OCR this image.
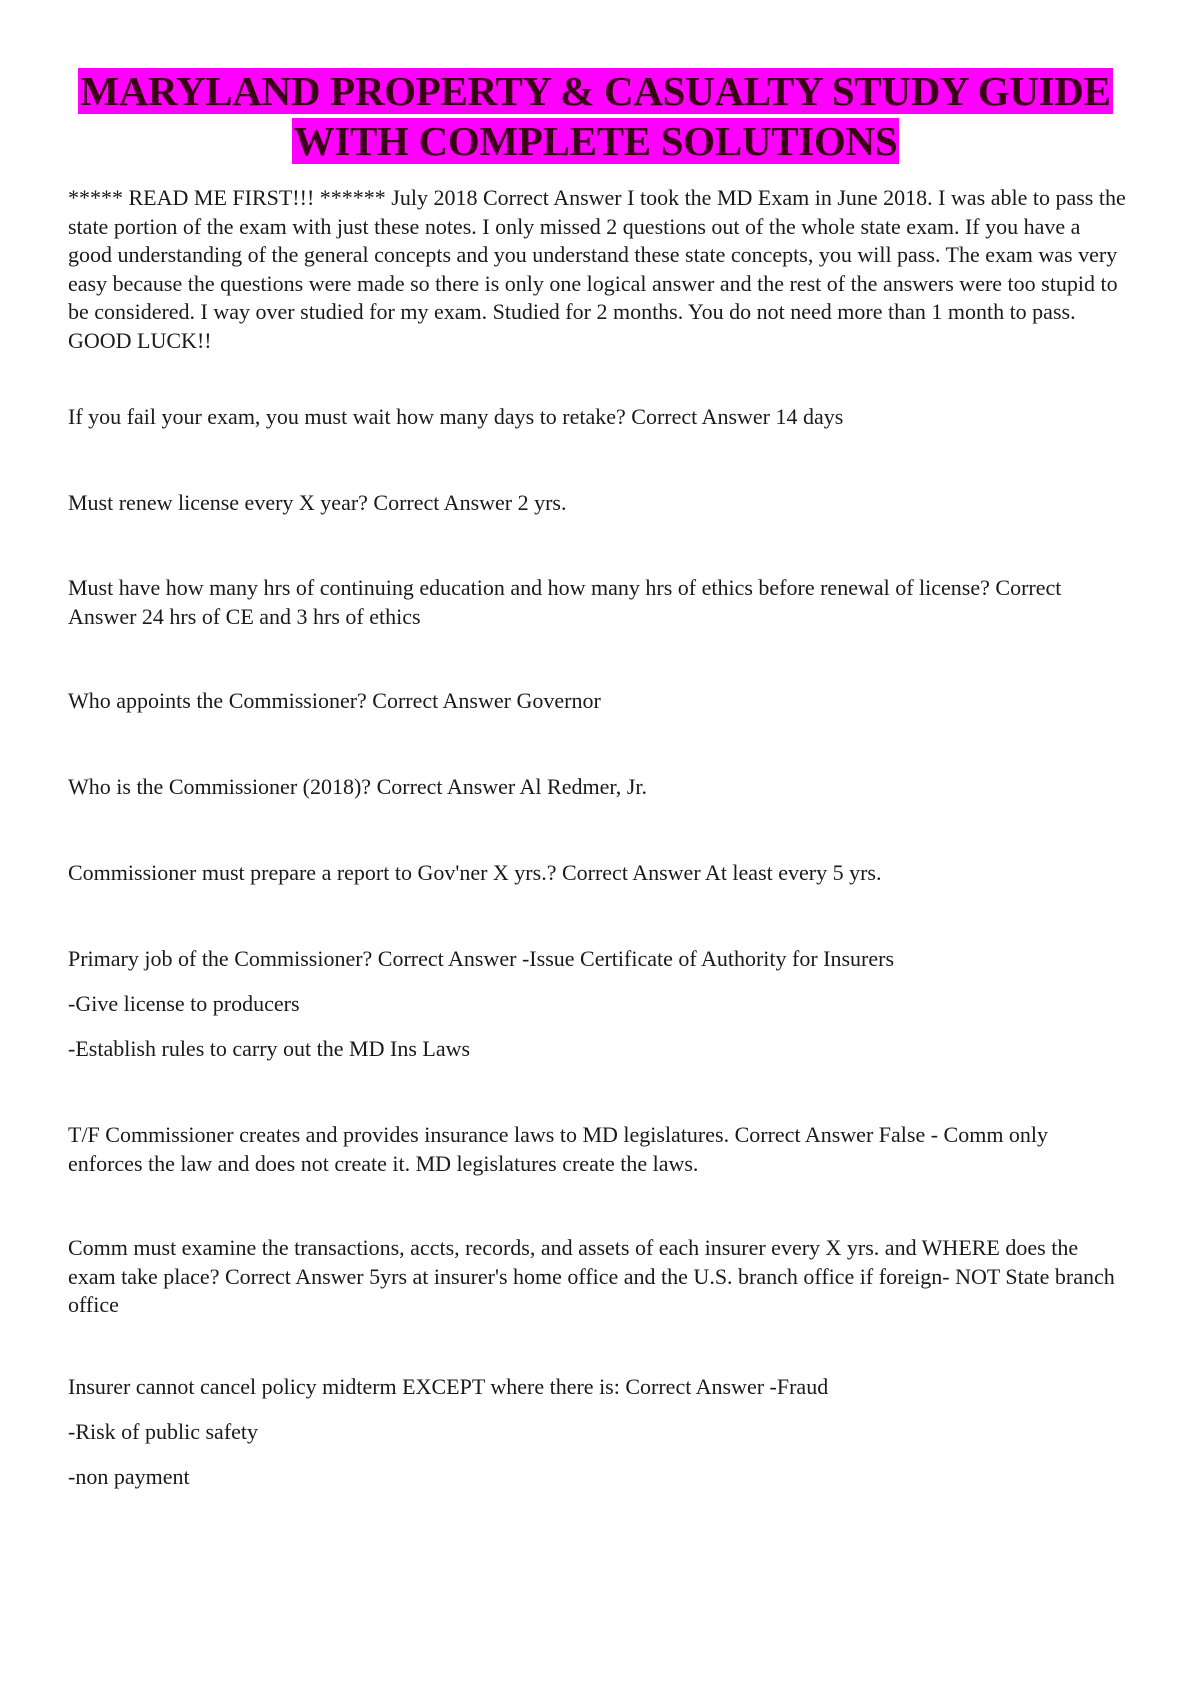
MARYLAND PROPERTY & CASUALTY STUDY GUIDE
WITH COMPLETE SOLUTIONS

***** READ ME FIRST!!! ****** July 2018 Correct Answer I took the MD Exam in June 2018. I was able to pass the state portion of the exam with just these notes. I only missed 2 questions out of the whole state exam. If you have a good understanding of the general concepts and you understand these state concepts, you will pass. The exam was very easy because the questions were made so there is only one logical answer and the rest of the answers were too stupid to be considered. I way over studied for my exam. Studied for 2 months. You do not need more than 1 month to pass. GOOD LUCK!!

If you fail your exam, you must wait how many days to retake? Correct Answer 14 days

Must renew license every X year? Correct Answer 2 yrs.

Must have how many hrs of continuing education and how many hrs of ethics before renewal of license? Correct Answer 24 hrs of CE and 3 hrs of ethics

Who appoints the Commissioner? Correct Answer Governor

Who is the Commissioner (2018)? Correct Answer Al Redmer, Jr.

Commissioner must prepare a report to Gov'ner X yrs.? Correct Answer At least every 5 yrs.

Primary job of the Commissioner? Correct Answer -Issue Certificate of Authority for Insurers

-Give license to producers

-Establish rules to carry out the MD Ins Laws

T/F Commissioner creates and provides insurance laws to MD legislatures. Correct Answer False - Comm only enforces the law and does not create it. MD legislatures create the laws.

Comm must examine the transactions, accts, records, and assets of each insurer every X yrs. and WHERE does the exam take place? Correct Answer 5yrs at insurer's home office and the U.S. branch office if foreign- NOT State branch office

Insurer cannot cancel policy midterm EXCEPT where there is: Correct Answer -Fraud

-Risk of public safety

-non payment
